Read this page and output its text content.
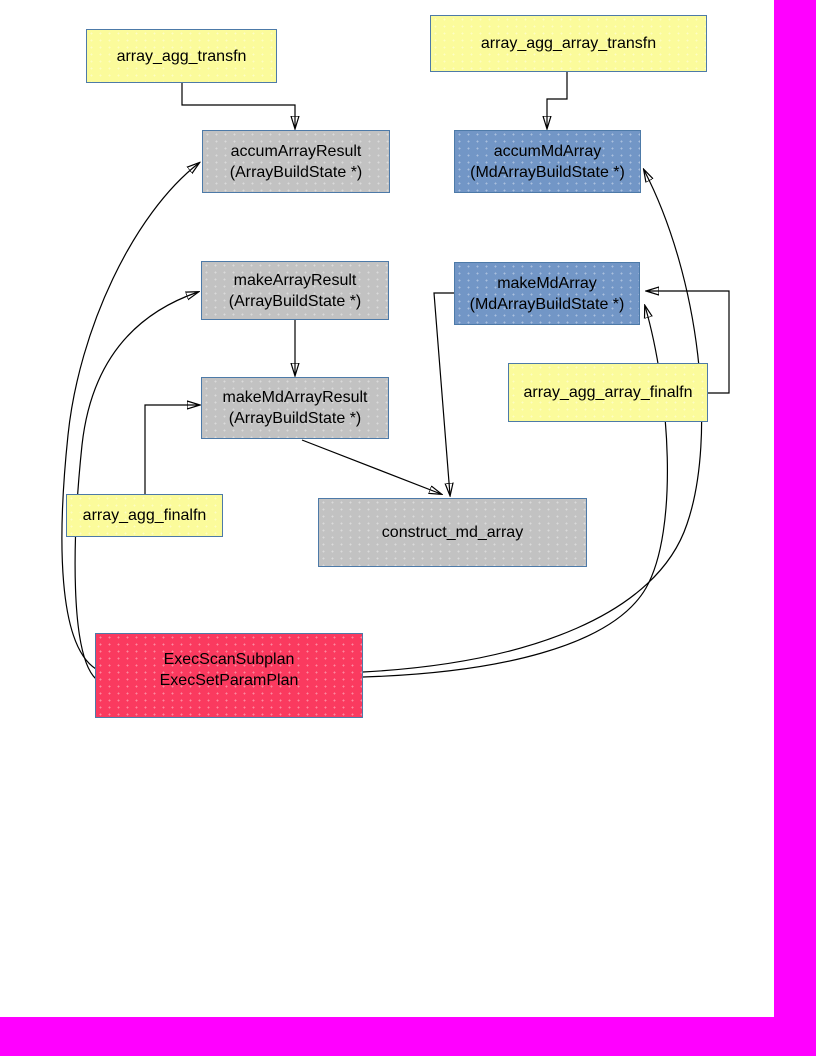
array_agg_transfn
array_agg_array_transfn
accumArrayResult
(ArrayBuildState *)
accumMdArray
(MdArrayBuildState *)
makeArrayResult
(ArrayBuildState *)
makeMdArray
(MdArrayBuildState *)
makeMdArrayResult
(ArrayBuildState *)
array_agg_array_finalfn
array_agg_finalfn
construct_md_array
ExecScanSubplan
ExecSetParamPlan
